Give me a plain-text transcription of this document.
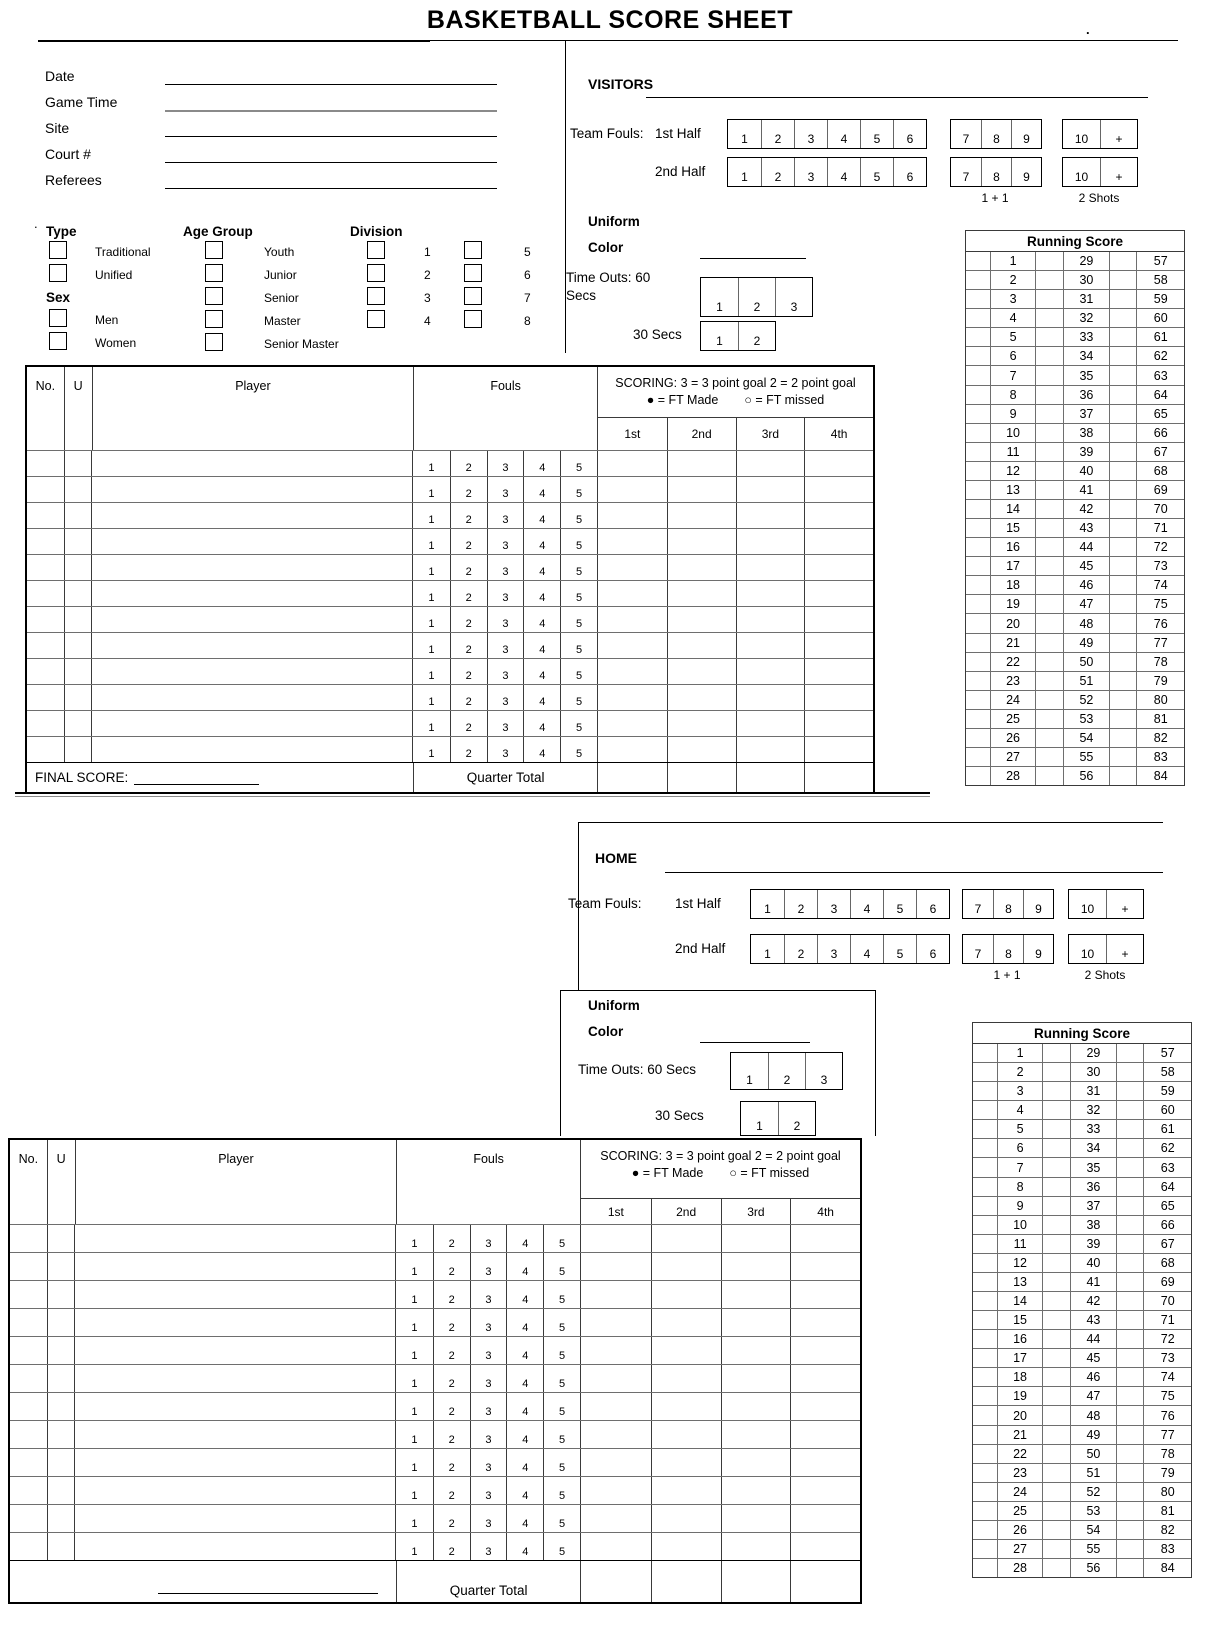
BASKETBALL SCORE SHEET	.
Date
Game Time
Site
Court #
Referees
Type
Sex
Age Group	Division
.
Traditional
Unified
Men
Women
Youth
Junior
Senior
Master
Senior Master
1
2
3
4
5
6
7
8
VISITORS
Team Fouls: 1st Half	1	2	3	4	5	6	7	8	9	10	+
2nd Half	1	2	3	4	5	6	7	8	9	10	+
1 + 1	2 Shots
Uniform
Color
Time Outs: 60
Secs
1	2	3
30 Secs	1	2
Running Score
1	29	57
2	30	58
3	31	59
4	32	60
5	33	61
6	34	62
7	35	63
8	36	64
9	37	65
10	38	66
11	39	67
12	40	68
13	41	69
14	42	70
15	43	71
16	44	72
17	45	73
18	46	74
19	47	75
20	48	76
21	49	77
22	50	78
23	51	79
24	52	80
25	53	81
26	54	82
27	55	83
28	56	84
No.	U	Player	Fouls	SCORING: 3 = 3 point goal 2 = 2 point goal
● = FT Made ○ = FT missed
1st	2nd	3rd	4th
1	2	3	4	5
1	2	3	4	5
1	2	3	4	5
1	2	3	4	5
1	2	3	4	5
1	2	3	4	5
1	2	3	4	5
1	2	3	4	5
1	2	3	4	5
1	2	3	4	5
1	2	3	4	5
1	2	3	4	5
FINAL SCORE:	Quarter Total
HOME
Team Fouls: 1st Half	1	2	3	4	5	6	7	8	9	10	+
2nd Half	1	2	3	4	5	6	7	8	9	10	+
1 + 1	2 Shots
Uniform
Color
Time Outs: 60 Secs
1	2	3
30 Secs
1	2
Running Score
1	29	57
2	30	58
3	31	59
4	32	60
5	33	61
6	34	62
7	35	63
8	36	64
9	37	65
10	38	66
11	39	67
12	40	68
13	41	69
14	42	70
15	43	71
16	44	72
17	45	73
18	46	74
19	47	75
20	48	76
21	49	77
22	50	78
23	51	79
24	52	80
25	53	81
26	54	82
27	55	83
28	56	84
No.	U	Player	Fouls	SCORING: 3 = 3 point goal 2 = 2 point goal
● = FT Made ○ = FT missed
1st	2nd	3rd	4th
1	2	3	4	5
1	2	3	4	5
1	2	3	4	5
1	2	3	4	5
1	2	3	4	5
1	2	3	4	5
1	2	3	4	5
1	2	3	4	5
1	2	3	4	5
1	2	3	4	5
1	2	3	4	5
1	2	3	4	5
Quarter Total
